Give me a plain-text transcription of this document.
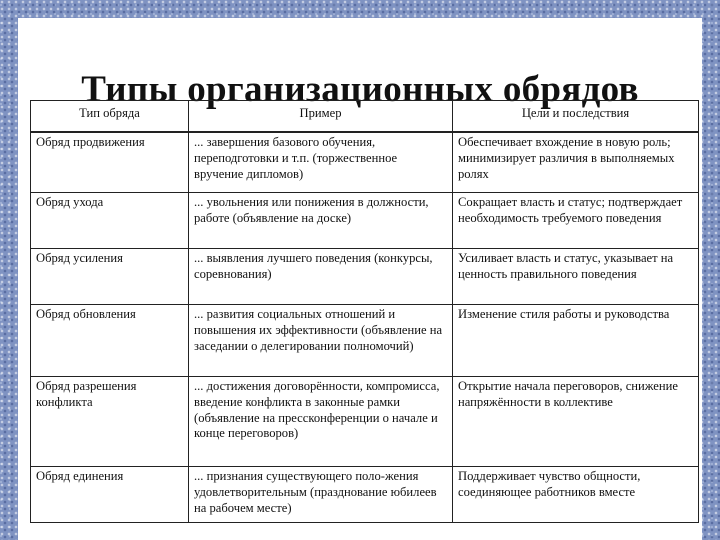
Типы организационных обрядов
Тип обряда	Пример	Цели и последствия
Обряд продвижения	... завершения базового обучения, переподготовки и т.п. (торжественное вручение дипломов)	Обеспечивает вхождение в новую роль; минимизирует различия в выполняемых ролях
Обряд ухода	... увольнения или понижения в должности, работе (объявление на доске)	Сокращает власть и статус; подтверждает необходимость требуемого поведения
Обряд усиления	... выявления лучшего поведения (конкурсы, соревнования)	Усиливает власть и статус, указывает на ценность правильного поведения
Обряд обновления	... развития социальных отношений и повышения их эффективности (объявление на заседании о делегировании полномочий)	Изменение стиля работы и руководства
Обряд разрешения конфликта	... достижения договорённости, компромисса, введение конфликта в законные рамки (объявление на прессконференции о начале и конце переговоров)	Открытие начала переговоров, снижение напряжённости в коллективе
Обряд единения	... признания существующего поло-жения удовлетворительным (празднование юбилеев на рабочем месте)	Поддерживает чувство общности, соединяющее работников вместе
